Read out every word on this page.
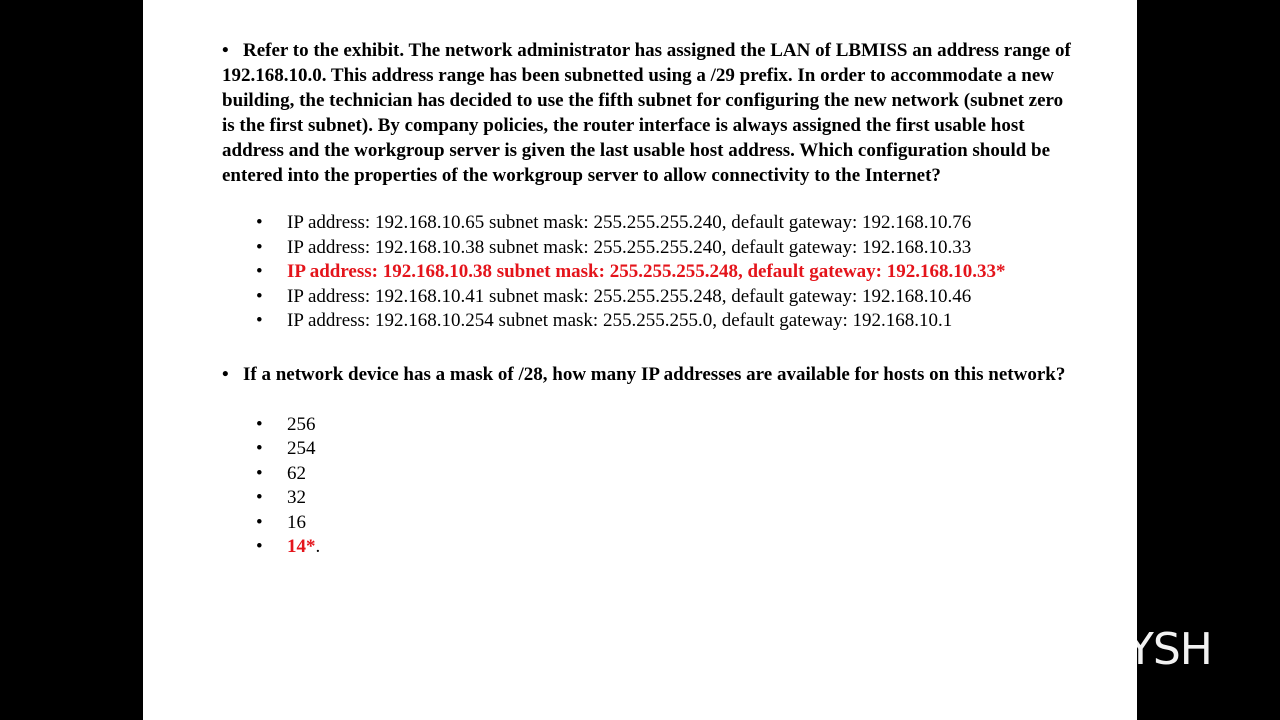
• Refer to the exhibit. The network administrator has assigned the LAN of LBMISS an address range of 192.168.10.0. This address range has been subnetted using a /29 prefix. In order to accommodate a new building, the technician has decided to use the fifth subnet for configuring the new network (subnet zero is the first subnet). By company policies, the router interface is always assigned the first usable host address and the workgroup server is given the last usable host address. Which configuration should be entered into the properties of the workgroup server to allow connectivity to the Internet?

• IP address: 192.168.10.65 subnet mask: 255.255.255.240, default gateway: 192.168.10.76
• IP address: 192.168.10.38 subnet mask: 255.255.255.240, default gateway: 192.168.10.33
• IP address: 192.168.10.38 subnet mask: 255.255.255.248, default gateway: 192.168.10.33*
• IP address: 192.168.10.41 subnet mask: 255.255.255.248, default gateway: 192.168.10.46
• IP address: 192.168.10.254 subnet mask: 255.255.255.0, default gateway: 192.168.10.1

• If a network device has a mask of /28, how many IP addresses are available for hosts on this network?

• 256
• 254
• 62
• 32
• 16
• 14*.
Mr.YSH
